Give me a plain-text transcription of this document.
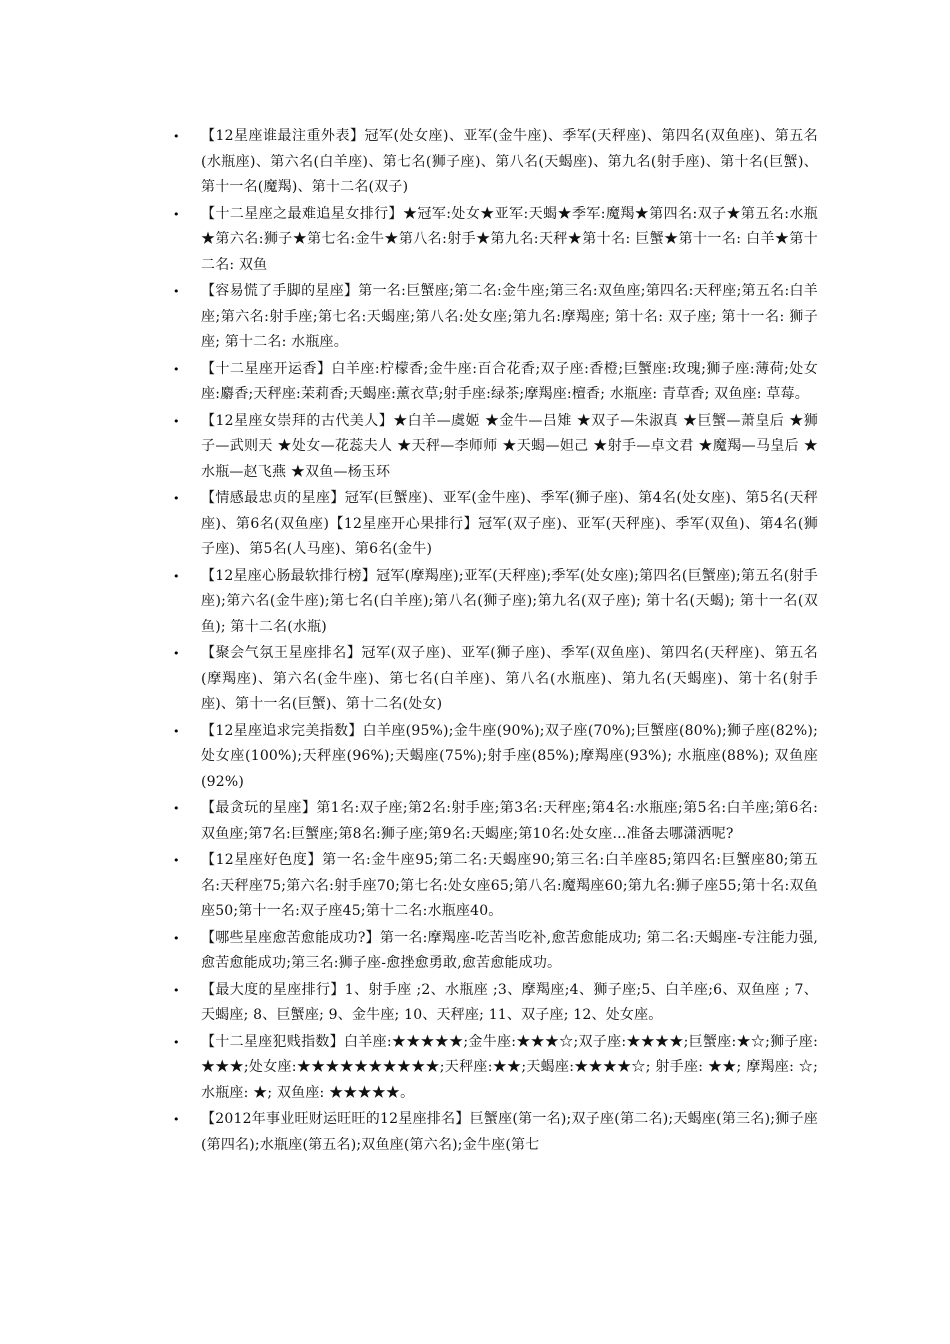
• 【12星座谁最注重外表】冠军(处女座)、亚军(金牛座)、季军(天秤座)、第四名(双鱼座)、第五名(水瓶座)、第六名(白羊座)、第七名(狮子座)、第八名(天蝎座)、第九名(射手座)、第十名(巨蟹)、第十一名(魔羯)、第十二名(双子)
• 【十二星座之最难追星女排行】★冠军:处女★亚军:天蝎★季军:魔羯★第四名:双子★第五名:水瓶★第六名:狮子★第七名:金牛★第八名:射手★第九名:天秤★第十名: 巨蟹★第十一名: 白羊★第十二名: 双鱼
• 【容易慌了手脚的星座】第一名:巨蟹座;第二名:金牛座;第三名:双鱼座;第四名:天秤座;第五名:白羊座;第六名:射手座;第七名:天蝎座;第八名:处女座;第九名:摩羯座; 第十名: 双子座; 第十一名: 狮子座; 第十二名: 水瓶座。
• 【十二星座开运香】白羊座:柠檬香;金牛座:百合花香;双子座:香橙;巨蟹座:玫瑰;狮子座:薄荷;处女座:麝香;天秤座:茉莉香;天蝎座:薰衣草;射手座:绿茶;摩羯座:檀香; 水瓶座: 青草香; 双鱼座: 草莓。
• 【12星座女崇拜的古代美人】★白羊—虞姬 ★金牛—吕雉 ★双子—朱淑真 ★巨蟹—萧皇后 ★狮子—武则天 ★处女—花蕊夫人 ★天秤—李师师 ★天蝎—妲己 ★射手—卓文君 ★魔羯—马皇后 ★水瓶—赵飞燕 ★双鱼—杨玉环
• 【情感最忠贞的星座】冠军(巨蟹座)、亚军(金牛座)、季军(狮子座)、第4名(处女座)、第5名(天秤座)、第6名(双鱼座)【12星座开心果排行】冠军(双子座)、亚军(天秤座)、季军(双鱼)、第4名(狮子座)、第5名(人马座)、第6名(金牛)
• 【12星座心肠最软排行榜】冠军(摩羯座);亚军(天秤座);季军(处女座);第四名(巨蟹座);第五名(射手座);第六名(金牛座);第七名(白羊座);第八名(狮子座);第九名(双子座); 第十名(天蝎); 第十一名(双鱼); 第十二名(水瓶)
• 【聚会气氛王星座排名】冠军(双子座)、亚军(狮子座)、季军(双鱼座)、第四名(天秤座)、第五名(摩羯座)、第六名(金牛座)、第七名(白羊座)、第八名(水瓶座)、第九名(天蝎座)、第十名(射手座)、第十一名(巨蟹)、第十二名(处女)
• 【12星座追求完美指数】白羊座(95%);金牛座(90%);双子座(70%);巨蟹座(80%);狮子座(82%);处女座(100%);天秤座(96%);天蝎座(75%);射手座(85%);摩羯座(93%); 水瓶座(88%); 双鱼座(92%)
• 【最贪玩的星座】第1名:双子座;第2名:射手座;第3名:天秤座;第4名:水瓶座;第5名:白羊座;第6名:双鱼座;第7名:巨蟹座;第8名:狮子座;第9名:天蝎座;第10名:处女座...准备去哪潇洒呢?
• 【12星座好色度】第一名:金牛座95;第二名:天蝎座90;第三名:白羊座85;第四名:巨蟹座80;第五名:天秤座75;第六名:射手座70;第七名:处女座65;第八名:魔羯座60;第九名:狮子座55;第十名:双鱼座50;第十一名:双子座45;第十二名:水瓶座40。
• 【哪些星座愈苦愈能成功?】第一名:摩羯座-吃苦当吃补,愈苦愈能成功; 第二名:天蝎座-专注能力强,愈苦愈能成功;第三名:狮子座-愈挫愈勇敢,愈苦愈能成功。
• 【最大度的星座排行】1、射手座 ;2、水瓶座 ;3、摩羯座;4、狮子座;5、白羊座;6、双鱼座 ; 7、天蝎座; 8、巨蟹座; 9、金牛座; 10、天秤座; 11、双子座; 12、处女座。
• 【十二星座犯贱指数】白羊座:★★★★★;金牛座:★★★☆;双子座:★★★★;巨蟹座:★☆;狮子座:★★★;处女座:★★★★★★★★★★;天秤座:★★;天蝎座:★★★★☆; 射手座: ★★; 摩羯座: ☆; 水瓶座: ★; 双鱼座: ★★★★★。
• 【2012年事业旺财运旺旺的12星座排名】巨蟹座(第一名);双子座(第二名);天蝎座(第三名);狮子座(第四名);水瓶座(第五名);双鱼座(第六名);金牛座(第七
